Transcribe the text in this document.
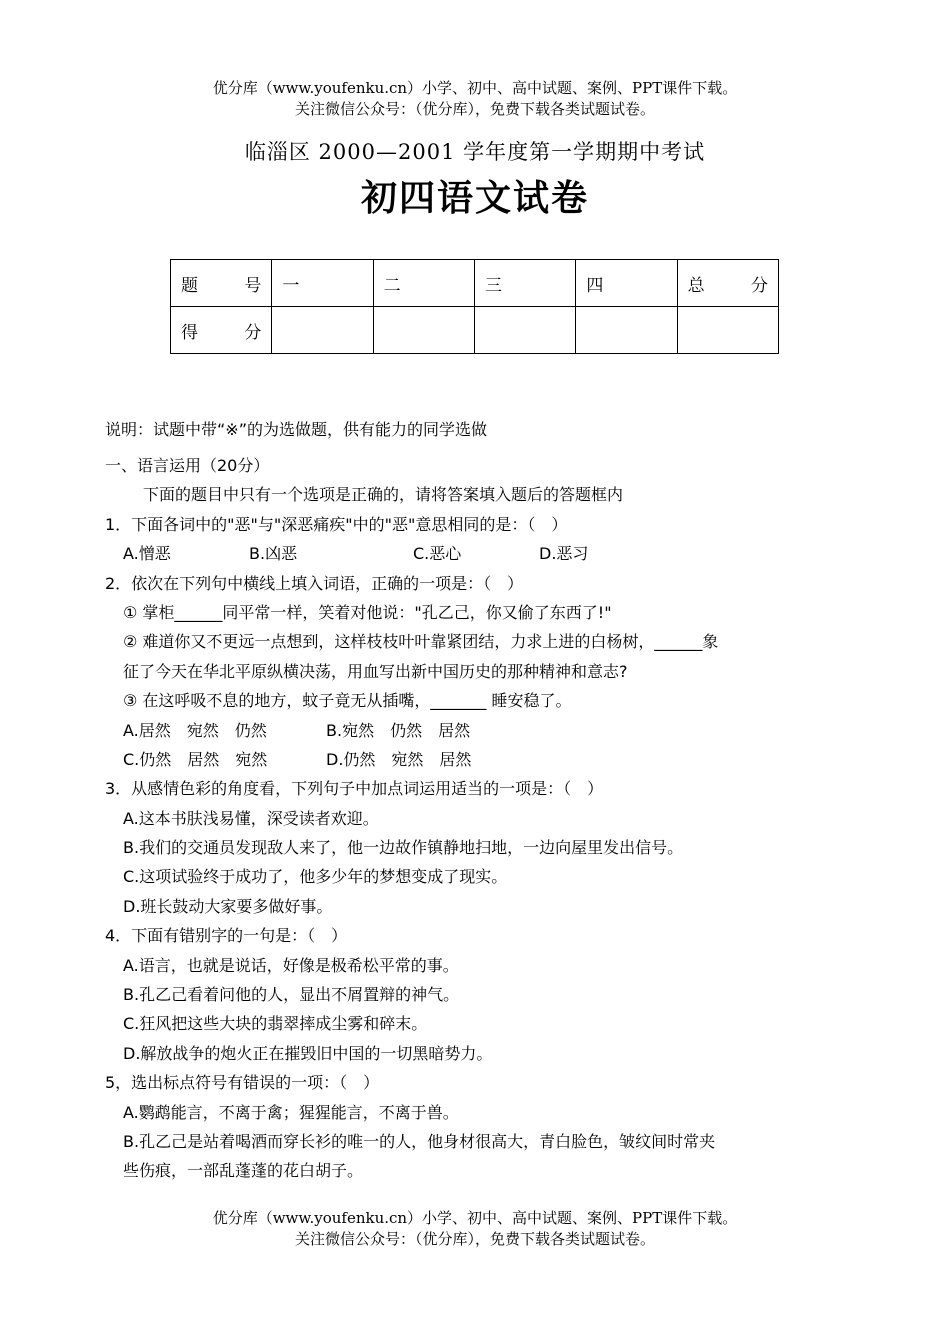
优分库（www.youfenku.cn）小学、初中、高中试题、案例、PPT课件下载。
关注微信公众号：（优分库），免费下载各类试题试卷。
临淄区 2000—2001 学年度第一学期期中考试
初四语文试卷
题　　号	一	二	三	四	总　　分
得　　分					
说明：试题中带“※”的为选做题，供有能力的同学选做
一、语言运用（20分）
下面的题目中只有一个选项是正确的，请将答案填入题后的答题框内
1．下面各词中的"恶"与"深恶痛疾"中的"恶"意思相同的是：（　）
A.憎恶	B.凶恶	C.恶心	D.恶习
2．依次在下列句中横线上填入词语，正确的一项是：（　）
① 掌柜______同平常一样，笑着对他说："孔乙己，你又偷了东西了!"
② 难道你又不更远一点想到，这样枝枝叶叶靠紧团结，力求上进的白杨树，______象
征了今天在华北平原纵横决荡，用血写出新中国历史的那种精神和意志?
③ 在这呼吸不息的地方，蚊子竟无从插嘴，_______ 睡安稳了。
A.居然　宛然　仍然	B.宛然　仍然　居然
C.仍然　居然　宛然	D.仍然　宛然　居然
3．从感情色彩的角度看，下列句子中加点词运用适当的一项是：（　）
A.这本书肤浅易懂，深受读者欢迎。
B.我们的交通员发现敌人来了，他一边故作镇静地扫地，一边向屋里发出信号。
C.这项试验终于成功了，他多少年的梦想变成了现实。
D.班长鼓动大家要多做好事。
4．下面有错别字的一句是：（　）
A.语言，也就是说话，好像是极希松平常的事。
B.孔乙己看着问他的人，显出不屑置辩的神气。
C.狂风把这些大块的翡翠摔成尘雾和碎末。
D.解放战争的炮火正在摧毁旧中国的一切黑暗势力。
5，选出标点符号有错误的一项：（　）
A.鹦鹉能言，不离于禽；猩猩能言，不离于兽。
B.孔乙己是站着喝酒而穿长衫的唯一的人，他身材很高大，青白脸色，皱纹间时常夹
些伤痕，一部乱蓬蓬的花白胡子。
优分库（www.youfenku.cn）小学、初中、高中试题、案例、PPT课件下载。
关注微信公众号：（优分库），免费下载各类试题试卷。
